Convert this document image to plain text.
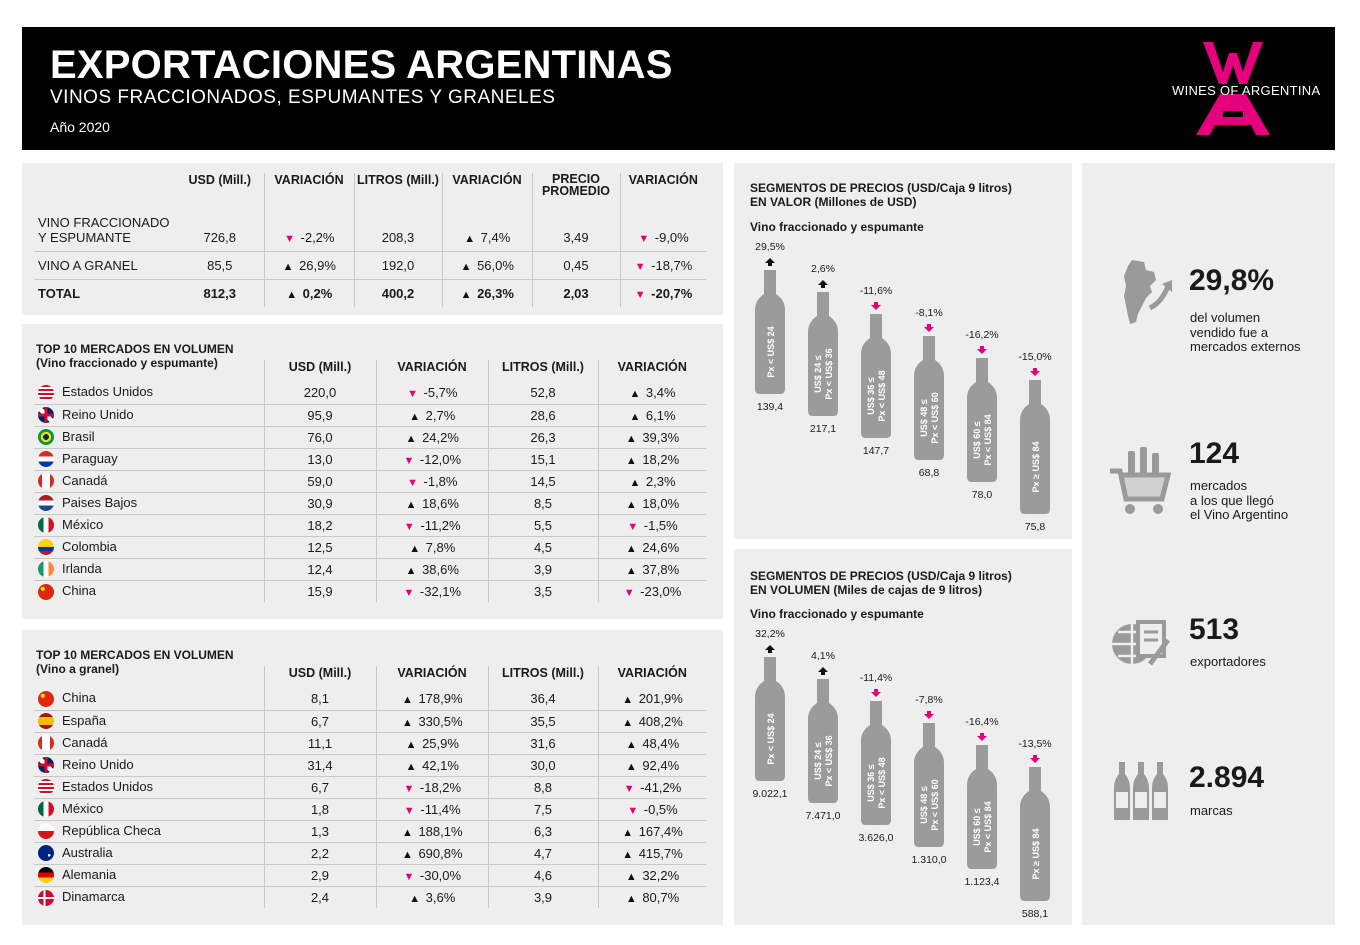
EXPORTACIONES ARGENTINAS
VINOS FRACCIONADOS, ESPUMANTES Y GRANELES
Año 2020
WINES OF ARGENTINA
	USD (Mill.)	VARIACIÓN	LITROS (Mill.)	VARIACIÓN	PRECIO PROMEDIO	VARIACIÓN

VINO FRACCIONADO
Y ESPUMANTE	726,8	▼ -2,2%	208,3	▲ 7,4%	3,49	▼ -9,0%

VINO A GRANEL	85,5	▲ 26,9%	192,0	▲ 56,0%	0,45	▼ -18,7%

TOTAL	812,3	▲ 0,2%	400,2	▲ 26,3%	2,03	▼ -20,7%
TOP 10 MERCADOS EN VOLUMEN
(Vino fraccionado y espumante)
		USD (Mill.)	VARIACIÓN	LITROS (Mill.)	VARIACIÓN
Estados Unidos	220,0	▼ -5,7%	52,8	▲ 3,4%
Reino Unido	95,9	▲ 2,7%	28,6	▲ 6,1%
Brasil	76,0	▲ 24,2%	26,3	▲ 39,3%
Paraguay	13,0	▼ -12,0%	15,1	▲ 18,2%
Canadá	59,0	▼ -1,8%	14,5	▲ 2,3%
Paises Bajos	30,9	▲ 18,6%	8,5	▲ 18,0%
México	18,2	▼ -11,2%	5,5	▼ -1,5%
Colombia	12,5	▲ 7,8%	4,5	▲ 24,6%
Irlanda	12,4	▲ 38,6%	3,9	▲ 37,8%
China	15,9	▼ -32,1%	3,5	▼ -23,0%
TOP 10 MERCADOS EN VOLUMEN
(Vino a granel)
		USD (Mill.)	VARIACIÓN	LITROS (Mill.)	VARIACIÓN
China	8,1	▲ 178,9%	36,4	▲ 201,9%
España	6,7	▲ 330,5%	35,5	▲ 408,2%
Canadá	11,1	▲ 25,9%	31,6	▲ 48,4%
Reino Unido	31,4	▲ 42,1%	30,0	▲ 92,4%
Estados Unidos	6,7	▼ -18,2%	8,8	▼ -41,2%
México	1,8	▼ -11,4%	7,5	▼ -0,5%
República Checa	1,3	▲ 188,1%	6,3	▲ 167,4%
Australia	2,2	▲ 690,8%	4,7	▲ 415,7%
Alemania	2,9	▼ -30,0%	4,6	▲ 32,2%
Dinamarca	2,4	▲ 3,6%	3,9	▲ 80,7%
SEGMENTOS DE PRECIOS (USD/Caja 9 litros)
EN VALOR (Millones de USD)
Vino fraccionado y espumante
29,5%
Px < US$ 24
139,4
2,6%
US$ 24 ≤ Px < US$ 36
217,1
-11,6%
US$ 36 ≤ Px < US$ 48
147,7
-8,1%
US$ 48 ≤ Px < US$ 60
68,8
-16,2%
US$ 60 ≤ Px < US$ 84
78,0
-15,0%
Px ≥ US$ 84
75,8
SEGMENTOS DE PRECIOS (USD/Caja 9 litros)
EN VOLUMEN (Miles de cajas de 9 litros)
Vino fraccionado y espumante
32,2%
Px < US$ 24
9.022,1
4,1%
US$ 24 ≤ Px < US$ 36
7.471,0
-11,4%
US$ 36 ≤ Px < US$ 48
3.626,0
-7,8%
US$ 48 ≤ Px < US$ 60
1.310,0
-16,4%
US$ 60 ≤ Px < US$ 84
1.123,4
-13,5%
Px ≥ US$ 84
588,1
29,8%
del volumen
vendido fue a
mercados externos
124
mercados
a los que llegó
el Vino Argentino
513
exportadores
2.894
marcas
